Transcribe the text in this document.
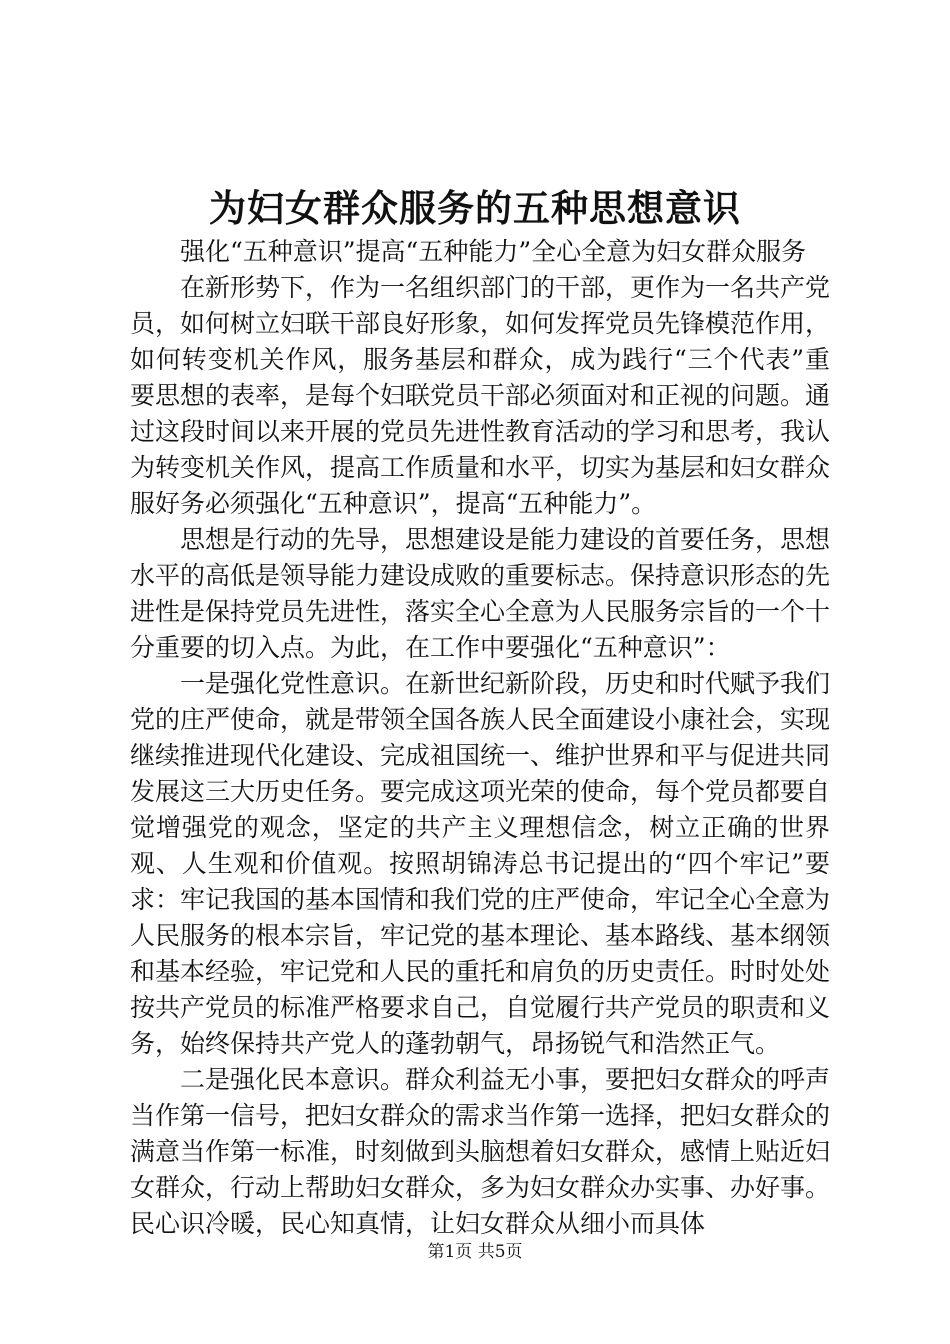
为妇女群众服务的五种思想意识

强化“五种意识”提高“五种能力”全心全意为妇女群众服务

在新形势下，作为一名组织部门的干部，更作为一名共产党员，如何树立妇联干部良好形象，如何发挥党员先锋模范作用，如何转变机关作风，服务基层和群众，成为践行“三个代表”重要思想的表率，是每个妇联党员干部必须面对和正视的问题。通过这段时间以来开展的党员先进性教育活动的学习和思考，我认为转变机关作风，提高工作质量和水平，切实为基层和妇女群众服好务必须强化“五种意识”，提高“五种能力”。

思想是行动的先导，思想建设是能力建设的首要任务，思想水平的高低是领导能力建设成败的重要标志。保持意识形态的先进性是保持党员先进性，落实全心全意为人民服务宗旨的一个十分重要的切入点。为此，在工作中要强化“五种意识”：

一是强化党性意识。在新世纪新阶段，历史和时代赋予我们党的庄严使命，就是带领全国各族人民全面建设小康社会，实现继续推进现代化建设、完成祖国统一、维护世界和平与促进共同发展这三大历史任务。要完成这项光荣的使命，每个党员都要自觉增强党的观念，坚定的共产主义理想信念，树立正确的世界观、人生观和价值观。按照胡锦涛总书记提出的“四个牢记”要求：牢记我国的基本国情和我们党的庄严使命，牢记全心全意为人民服务的根本宗旨，牢记党的基本理论、基本路线、基本纲领和基本经验，牢记党和人民的重托和肩负的历史责任。时时处处按共产党员的标准严格要求自己，自觉履行共产党员的职责和义务，始终保持共产党人的蓬勃朝气，昂扬锐气和浩然正气。

二是强化民本意识。群众利益无小事，要把妇女群众的呼声当作第一信号，把妇女群众的需求当作第一选择，把妇女群众的满意当作第一标准，时刻做到头脑想着妇女群众，感情上贴近妇女群众，行动上帮助妇女群众，多为妇女群众办实事、办好事。民心识冷暖，民心知真情，让妇女群众从细小而具体

第1页 共5页
